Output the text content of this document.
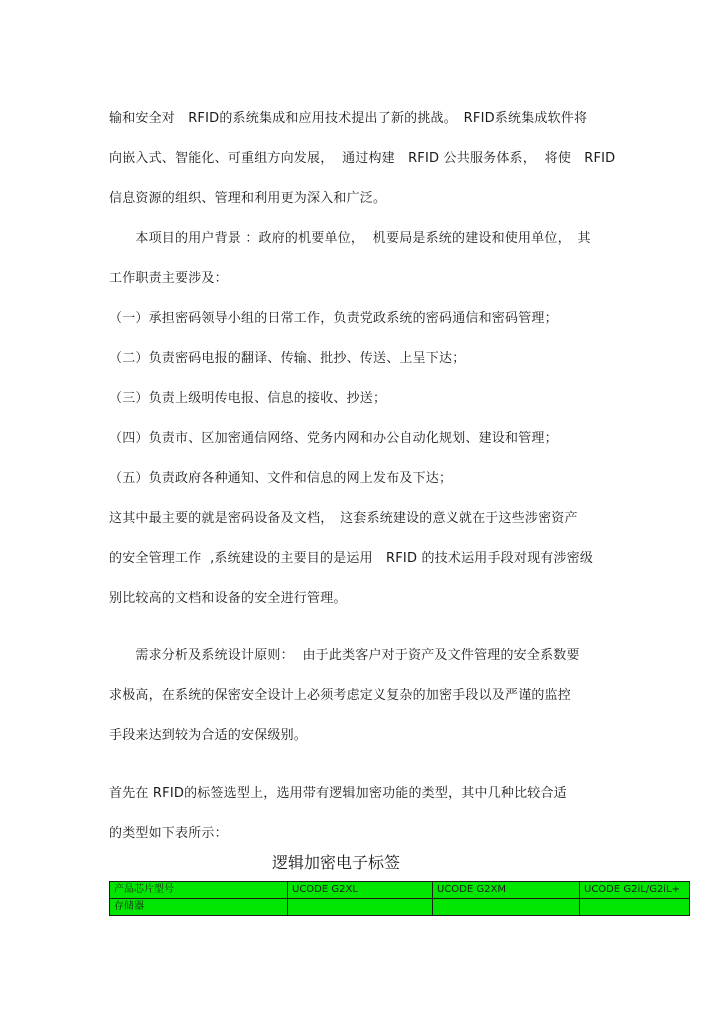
输和安全对　RFID的系统集成和应用技术提出了新的挑战。　RFID系统集成软件将
向嵌入式、智能化、可重组方向发展，  通过构建　RFID 公共服务体系，  将使　RFID
信息资源的组织、管理和利用更为深入和广泛。
　　本项目的用户背景 ：政府的机要单位，  机要局是系统的建设和使用单位，　其
工作职责主要涉及：
（一）承担密码领导小组的日常工作，负责党政系统的密码通信和密码管理；
（二）负责密码电报的翻译、传输、批抄、传送、上呈下达；
（三）负责上级明传电报、信息的接收、抄送；
（四）负责市、区加密通信网络、党务内网和办公自动化规划、建设和管理；
（五）负责政府各种通知、文件和信息的网上发布及下达；
这其中最主要的就是密码设备及文档，　这套系统建设的意义就在于这些涉密资产
的安全管理工作  ,系统建设的主要目的是运用　RFID 的技术运用手段对现有涉密级
别比较高的文档和设备的安全进行管理。
　　需求分析及系统设计原则：  由于此类客户对于资产及文件管理的安全系数要
求极高，在系统的保密安全设计上必须考虑定义复杂的加密手段以及严谨的监控
手段来达到较为合适的安保级别。
首先在 RFID的标签选型上，选用带有逻辑加密功能的类型，其中几种比较合适
的类型如下表所示：
逻辑加密电子标签
产品芯片型号	UCODE G2XL	UCODE G2XM	UCODE G2iL/G2iL+
存储器			
